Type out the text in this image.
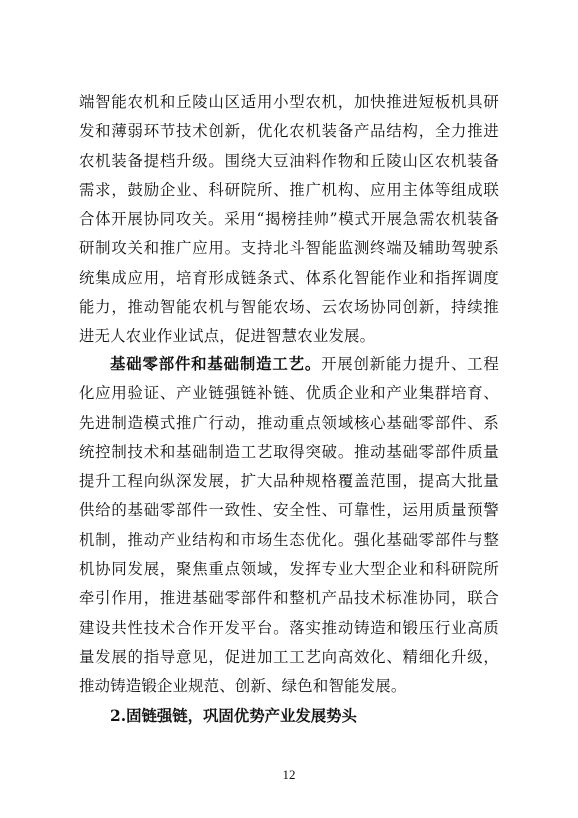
端智能农机和丘陵山区适用小型农机，加快推进短板机具研发和薄弱环节技术创新，优化农机装备产品结构，全力推进农机装备提档升级。围绕大豆油料作物和丘陵山区农机装备需求，鼓励企业、科研院所、推广机构、应用主体等组成联合体开展协同攻关。采用“揭榜挂帅”模式开展急需农机装备研制攻关和推广应用。支持北斗智能监测终端及辅助驾驶系统集成应用，培育形成链条式、体系化智能作业和指挥调度能力，推动智能农机与智能农场、云农场协同创新，持续推进无人农业作业试点，促进智慧农业发展。

基础零部件和基础制造工艺。开展创新能力提升、工程化应用验证、产业链强链补链、优质企业和产业集群培育、先进制造模式推广行动，推动重点领域核心基础零部件、系统控制技术和基础制造工艺取得突破。推动基础零部件质量提升工程向纵深发展，扩大品种规格覆盖范围，提高大批量供给的基础零部件一致性、安全性、可靠性，运用质量预警机制，推动产业结构和市场生态优化。强化基础零部件与整机协同发展，聚焦重点领域，发挥专业大型企业和科研院所牵引作用，推进基础零部件和整机产品技术标准协同，联合建设共性技术合作开发平台。落实推动铸造和锻压行业高质量发展的指导意见，促进加工工艺向高效化、精细化升级，推动铸造锻企业规范、创新、绿色和智能发展。

2.固链强链，巩固优势产业发展势头
12
